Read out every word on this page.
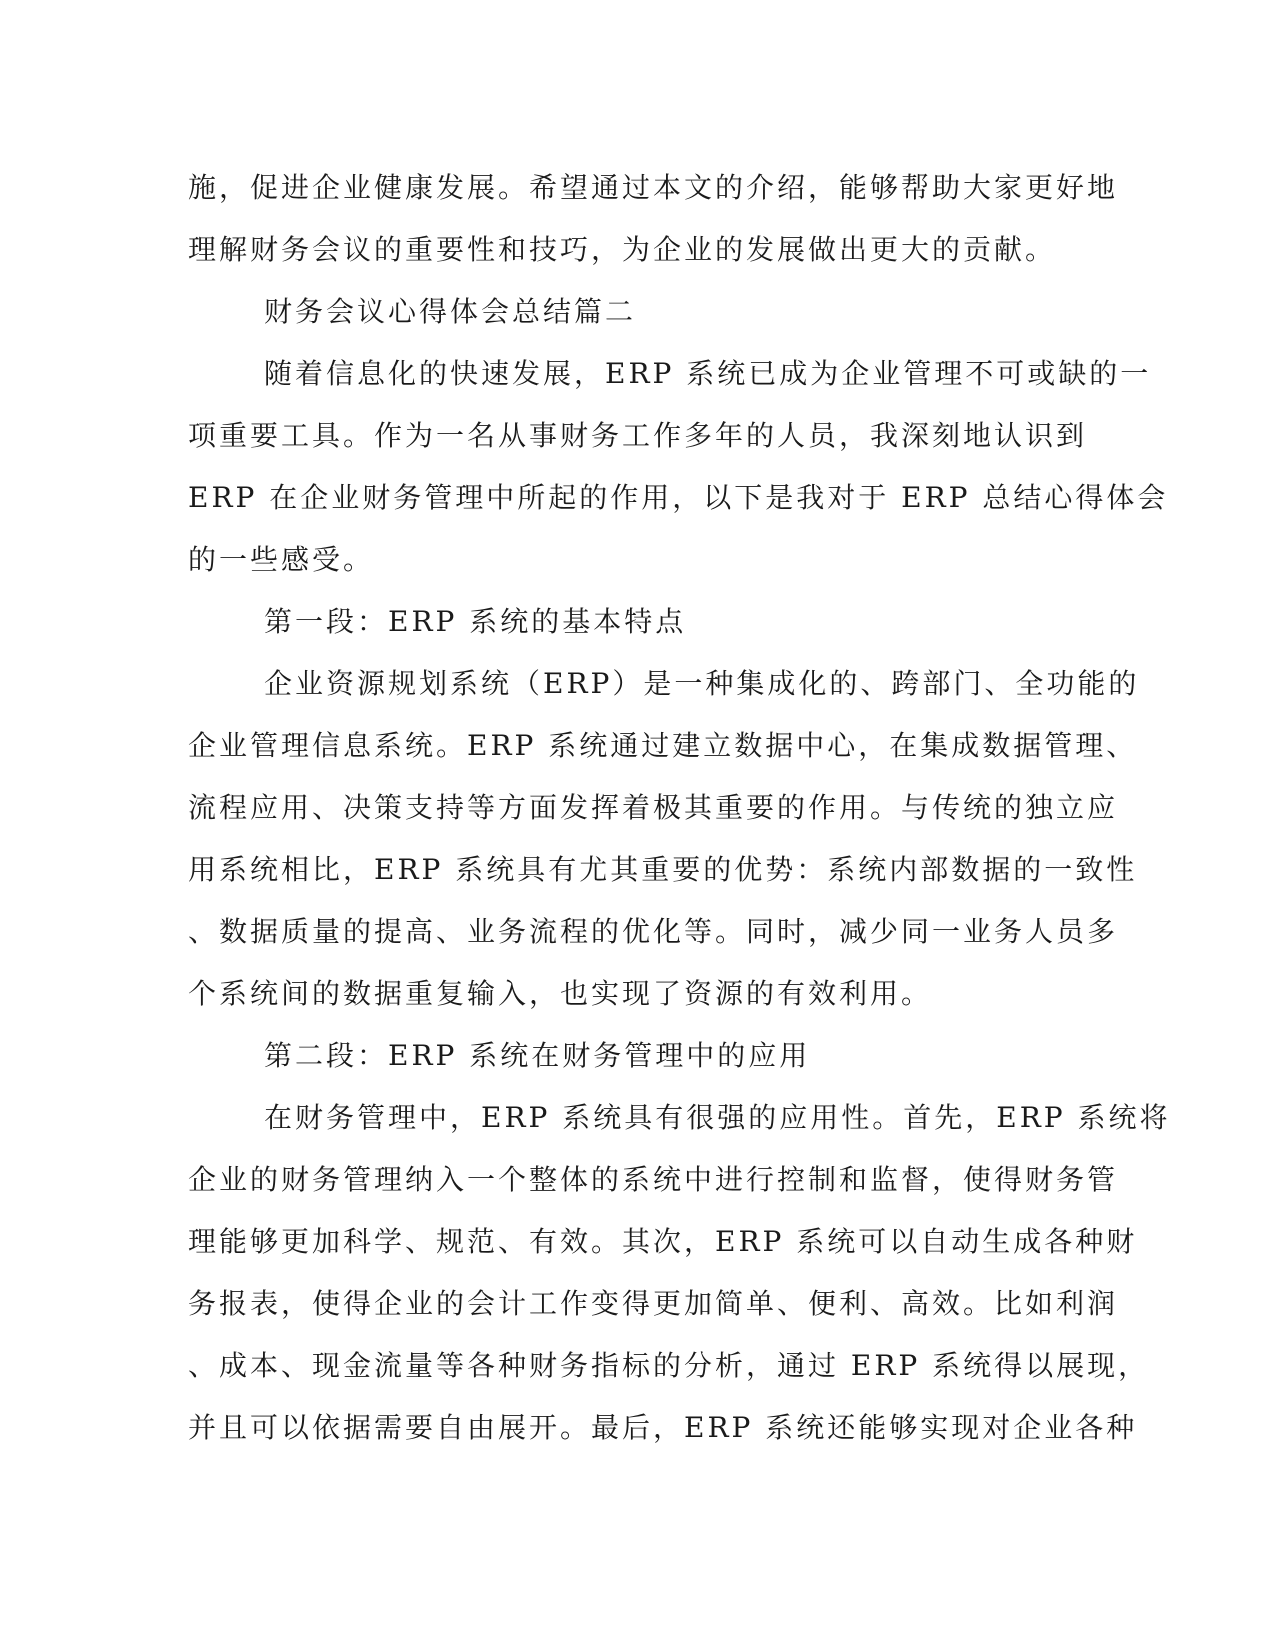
施，促进企业健康发展。希望通过本文的介绍，能够帮助大家更好地
理解财务会议的重要性和技巧，为企业的发展做出更大的贡献。
财务会议心得体会总结篇二
随着信息化的快速发展，ERP 系统已成为企业管理不可或缺的一
项重要工具。作为一名从事财务工作多年的人员，我深刻地认识到
ERP 在企业财务管理中所起的作用，以下是我对于 ERP 总结心得体会
的一些感受。
第一段：ERP 系统的基本特点
企业资源规划系统（ERP）是一种集成化的、跨部门、全功能的
企业管理信息系统。ERP 系统通过建立数据中心，在集成数据管理、
流程应用、决策支持等方面发挥着极其重要的作用。与传统的独立应
用系统相比，ERP 系统具有尤其重要的优势：系统内部数据的一致性
、数据质量的提高、业务流程的优化等。同时，减少同一业务人员多
个系统间的数据重复输入，也实现了资源的有效利用。
第二段：ERP 系统在财务管理中的应用
在财务管理中，ERP 系统具有很强的应用性。首先，ERP 系统将
企业的财务管理纳入一个整体的系统中进行控制和监督，使得财务管
理能够更加科学、规范、有效。其次，ERP 系统可以自动生成各种财
务报表，使得企业的会计工作变得更加简单、便利、高效。比如利润
、成本、现金流量等各种财务指标的分析，通过 ERP 系统得以展现，
并且可以依据需要自由展开。最后，ERP 系统还能够实现对企业各种
